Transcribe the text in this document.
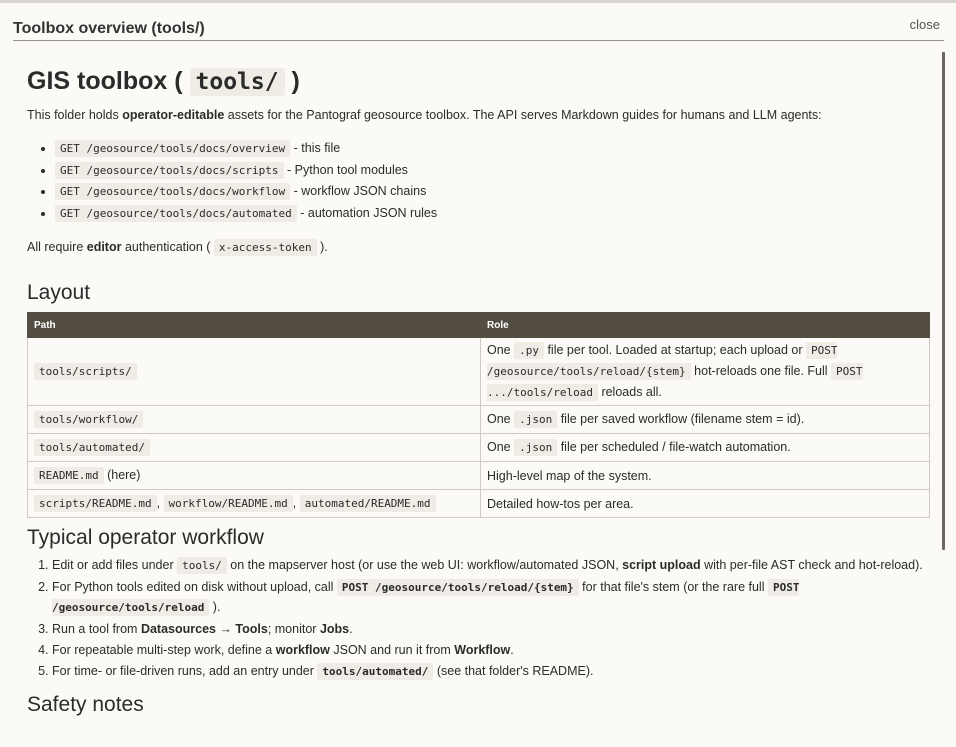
Toolbox overview (tools/)	close
GIS toolbox ( tools/ )

This folder holds operator-editable assets for the Pantograf geosource toolbox. The API serves Markdown guides for humans and LLM agents:

• GET /geosource/tools/docs/overview - this file
• GET /geosource/tools/docs/scripts - Python tool modules
• GET /geosource/tools/docs/workflow - workflow JSON chains
• GET /geosource/tools/docs/automated - automation JSON rules

All require editor authentication ( x-access-token ).

Layout
Path	Role
tools/scripts/	One .py file per tool. Loaded at startup; each upload or POST /geosource/tools/reload/{stem} hot-reloads one file. Full POST .../tools/reload reloads all.
tools/workflow/	One .json file per saved workflow (filename stem = id).
tools/automated/	One .json file per scheduled / file-watch automation.
README.md (here)	High-level map of the system.
scripts/README.md , workflow/README.md , automated/README.md	Detailed how-tos per area.
Typical operator workflow
1. Edit or add files under tools/ on the mapserver host (or use the web UI: workflow/automated JSON, script upload with per-file AST check and hot-reload).
2. For Python tools edited on disk without upload, call POST /geosource/tools/reload/{stem} for that file's stem (or the rare full POST /geosource/tools/reload ).
3. Run a tool from Datasources → Tools; monitor Jobs.
4. For repeatable multi-step work, define a workflow JSON and run it from Workflow.
5. For time- or file-driven runs, add an entry under tools/automated/ (see that folder's README).
Safety notes
